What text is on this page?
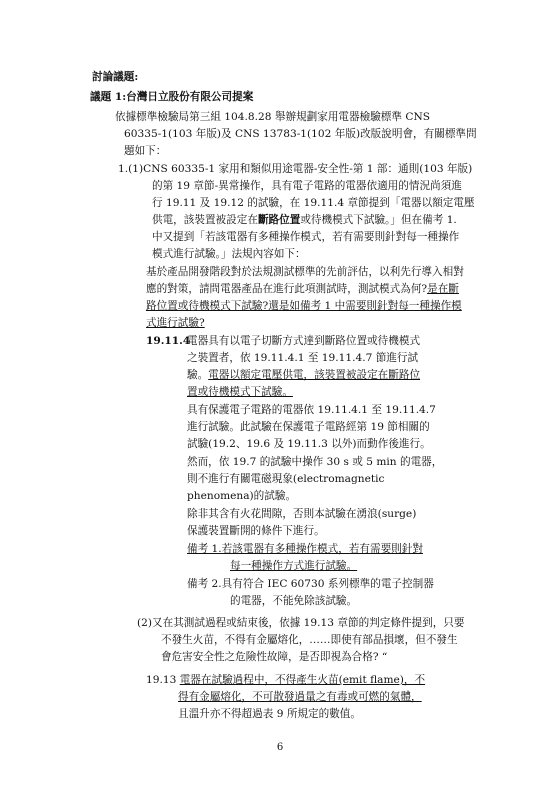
討論議題:
議題 1:台灣日立股份有限公司提案
依據標準檢驗局第三組 104.8.28 舉辦規劃家用電器檢驗標準 CNS
60335-1(103 年版)及 CNS 13783-1(102 年版)改版說明會，有關標準問
題如下：
1.(1)CNS 60335-1 家用和類似用途電器-安全性-第 1 部：通則(103 年版)
的第 19 章節-異常操作，具有電子電路的電器依適用的情況尚須進
行 19.11 及 19.12 的試驗，在 19.11.4 章節提到「電器以額定電壓
供電，該裝置被設定在斷路位置或待機模式下試驗。」但在備考 1.
中又提到「若該電器有多種操作模式，若有需要則針對每一種操作
模式進行試驗。」法規內容如下：
基於產品開發階段對於法規測試標準的先前評估，以利先行導入相對
應的對策，請問電器產品在進行此項測試時，測試模式為何?是在斷
路位置或待機模式下試驗?還是如備考 1 中需要則針對每一種操作模
式進行試驗?
19.11.4
電器具有以電子切斷方式達到斷路位置或待機模式
之裝置者，依 19.11.4.1 至 19.11.4.7 節進行試
驗。電器以額定電壓供電，該裝置被設定在斷路位
置或待機模式下試驗。
具有保護電子電路的電器依 19.11.4.1 至 19.11.4.7
進行試驗。此試驗在保護電子電路經第 19 節相關的
試驗(19.2、19.6 及 19.11.3 以外)而動作後進行。
然而，依 19.7 的試驗中操作 30 s 或 5 min 的電器，
則不進行有關電磁現象(electromagnetic
phenomena)的試驗。
除非其含有火花間隙，否則本試驗在湧浪(surge)
保護裝置斷開的條件下進行。
備考 1.若該電器有多種操作模式，若有需要則針對
每一種操作方式進行試驗。
備考 2.具有符合 IEC 60730 系列標準的電子控制器
的電器，不能免除該試驗。
(2)又在其測試過程或結束後，依據 19.13 章節的判定條件提到，只要
不發生火苗，不得有金屬熔化，……即使有部品損壞，但不發生
會危害安全性之危險性故障，是否即視為合格? “
19.13 電器在試驗過程中，不得產生火苗(emit flame)，不
得有金屬熔化，不可散發過量之有毒或可燃的氣體，
且溫升亦不得超過表 9 所規定的數值。
6
